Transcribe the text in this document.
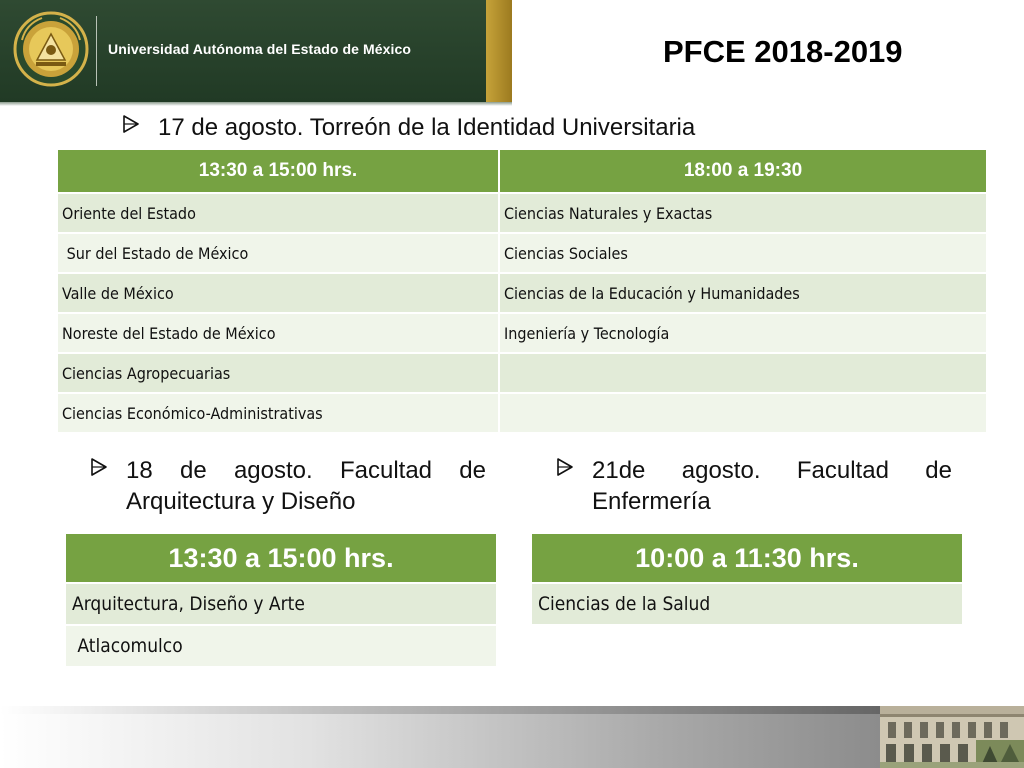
Universidad Autónoma del Estado de México	PFCE 2018-2019
17 de agosto. Torreón de la Identidad Universitaria
13:30 a 15:00 hrs.	18:00 a 19:30
Oriente del Estado	Ciencias Naturales y Exactas
Sur del Estado de México	Ciencias Sociales
Valle de México	Ciencias de la Educación y Humanidades
Noreste del Estado de México	Ingeniería y Tecnología
Ciencias Agropecuarias	
Ciencias Económico-Administrativas	
18 de agosto. Facultad de Arquitectura y Diseño
21de agosto. Facultad de Enfermería
13:30 a 15:00 hrs.
Arquitectura, Diseño y Arte
Atlacomulco
10:00 a 11:30 hrs.
Ciencias de la Salud
